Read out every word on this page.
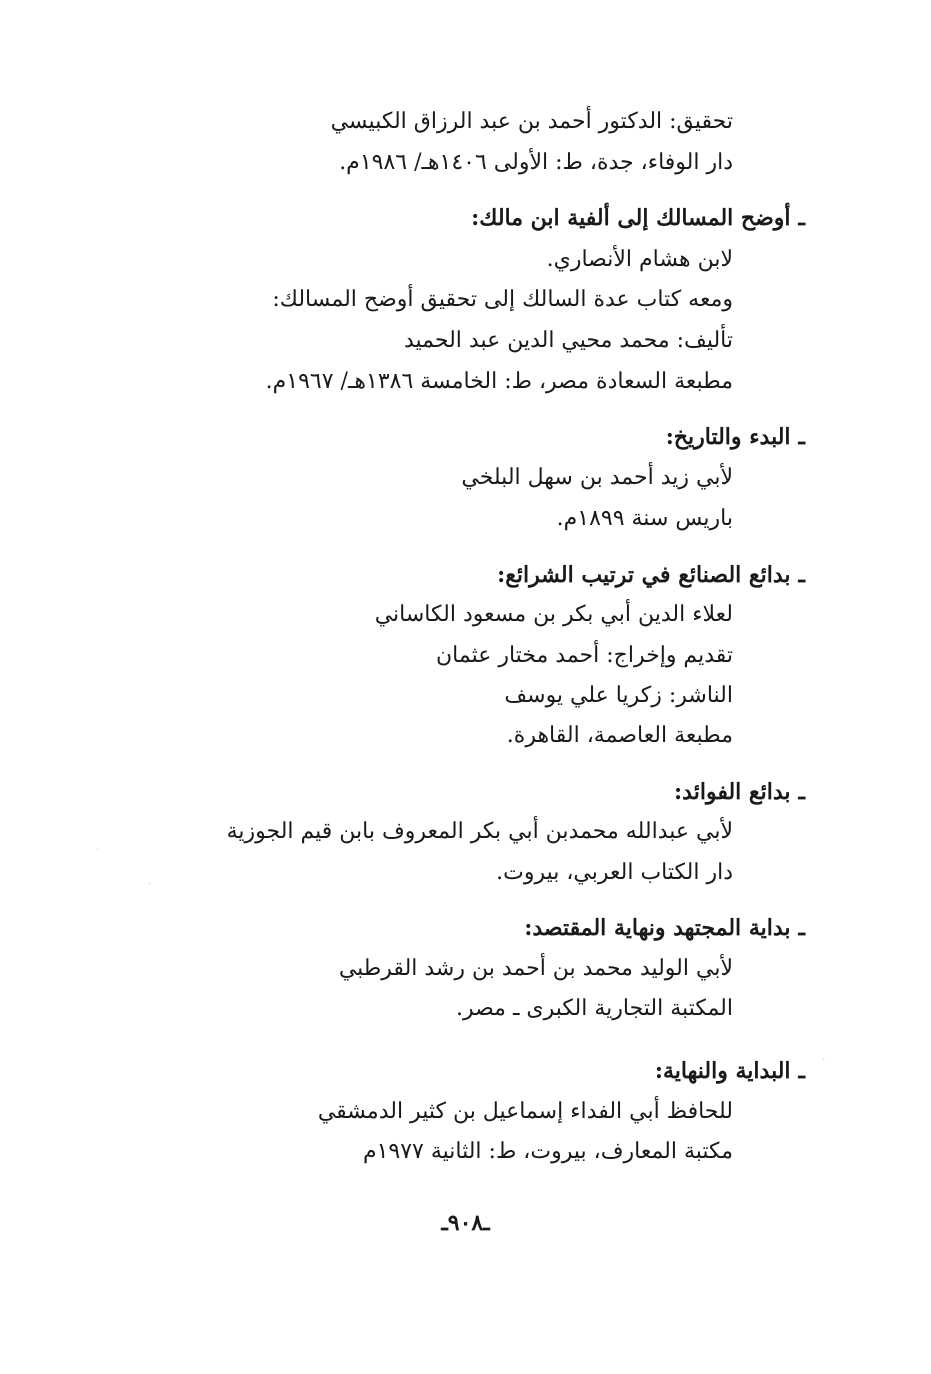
تحقيق: الدكتور أحمد بن عبد الرزاق الكبيسي
دار الوفاء، جدة، ط: الأولى ١٤٠٦هـ/ ١٩٨٦م.
ـأوضح المسالك إلى ألفية ابن مالك:
لابن هشام الأنصاري.
ومعه كتاب عدة السالك إلى تحقيق أوضح المسالك:
تأليف: محمد محيي الدين عبد الحميد
مطبعة السعادة مصر، ط: الخامسة ١٣٨٦هـ/ ١٩٦٧م.
ـالبدء والتاريخ:
لأبي زيد أحمد بن سهل البلخي
باريس سنة ١٨٩٩م.
ـبدائع الصنائع في ترتيب الشرائع:
لعلاء الدين أبي بكر بن مسعود الكاساني
تقديم وإخراج: أحمد مختار عثمان
الناشر: زكريا علي يوسف
مطبعة العاصمة، القاهرة.
ـبدائع الفوائد:
لأبي عبدالله محمدبن أبي بكر المعروف بابن قيم الجوزية
دار الكتاب العربي، بيروت.
ـبداية المجتهد ونهاية المقتصد:
لأبي الوليد محمد بن أحمد بن رشد القرطبي
المكتبة التجارية الكبرى ـ مصر.
ـالبداية والنهاية:
للحافظ أبي الفداء إسماعيل بن كثير الدمشقي
مكتبة المعارف، بيروت، ط: الثانية ١٩٧٧م
ـ٩٠٨ـ
·
·
·
